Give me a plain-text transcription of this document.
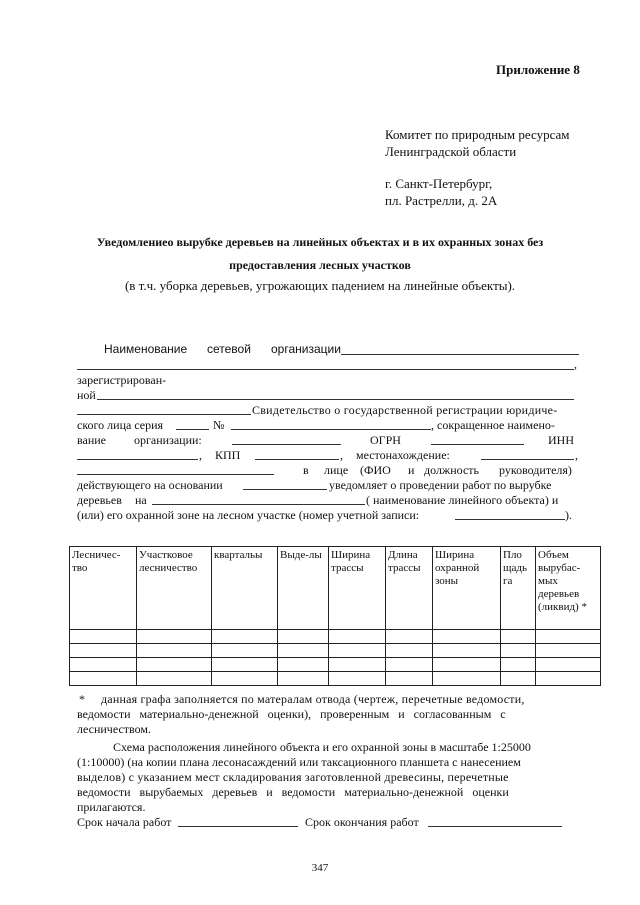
Приложение 8
Комитет по природным ресурсам
Ленинградской области
г. Санкт-Петербург,
пл. Растрелли, д. 2А
Уведомлениео вырубке деревьев на линейных объектах и в их охранных зонах без
предоставления лесных участков
(в т.ч. уборка деревьев, угрожающих падением на линейные объекты).
Наименование сетевой организации
,
зарегистрирован-
ной
Свидетельство о государственной регистрации юридиче-
ского лица серия	№	, сокращенное наимено-
вание организации:	ОГРН	ИНН
, КПП	, местонахождение:	,
в лице (ФИО и должность руководителя)
действующего на основании	уведомляет о проведении работ по вырубке
деревьев на	( наименование линейного объекта) и
(или) его охранной зоне на лесном участке (номер учетной записи:	).
Лесничес-тво	Участковое лесничество	квартальы	Выде-лы	Ширина трассы	Длина трассы	Ширина охранной зоны	Пло щадь га	Объем вырубас-мых деревьев (ликвид) *

* данная графа заполняется по матералам отвода (чертеж, перечетные ведомости,
ведомости   материально-денежной   оценки),   проверенным   и   согласованным   с
лесничеством.
Схема расположения линейного объекта и его охранной зоны в масштабе 1:25000
(1:10000) (на копии плана лесонасаждений или таксационного планшета с нанесением
выделов) с указанием мест складирования заготовленной древесины, перечетные
ведомости   вырубаемых   деревьев   и   ведомости   материально-денежной   оценки
прилагаются.
Срок начала работ	Срок окончания работ
347
